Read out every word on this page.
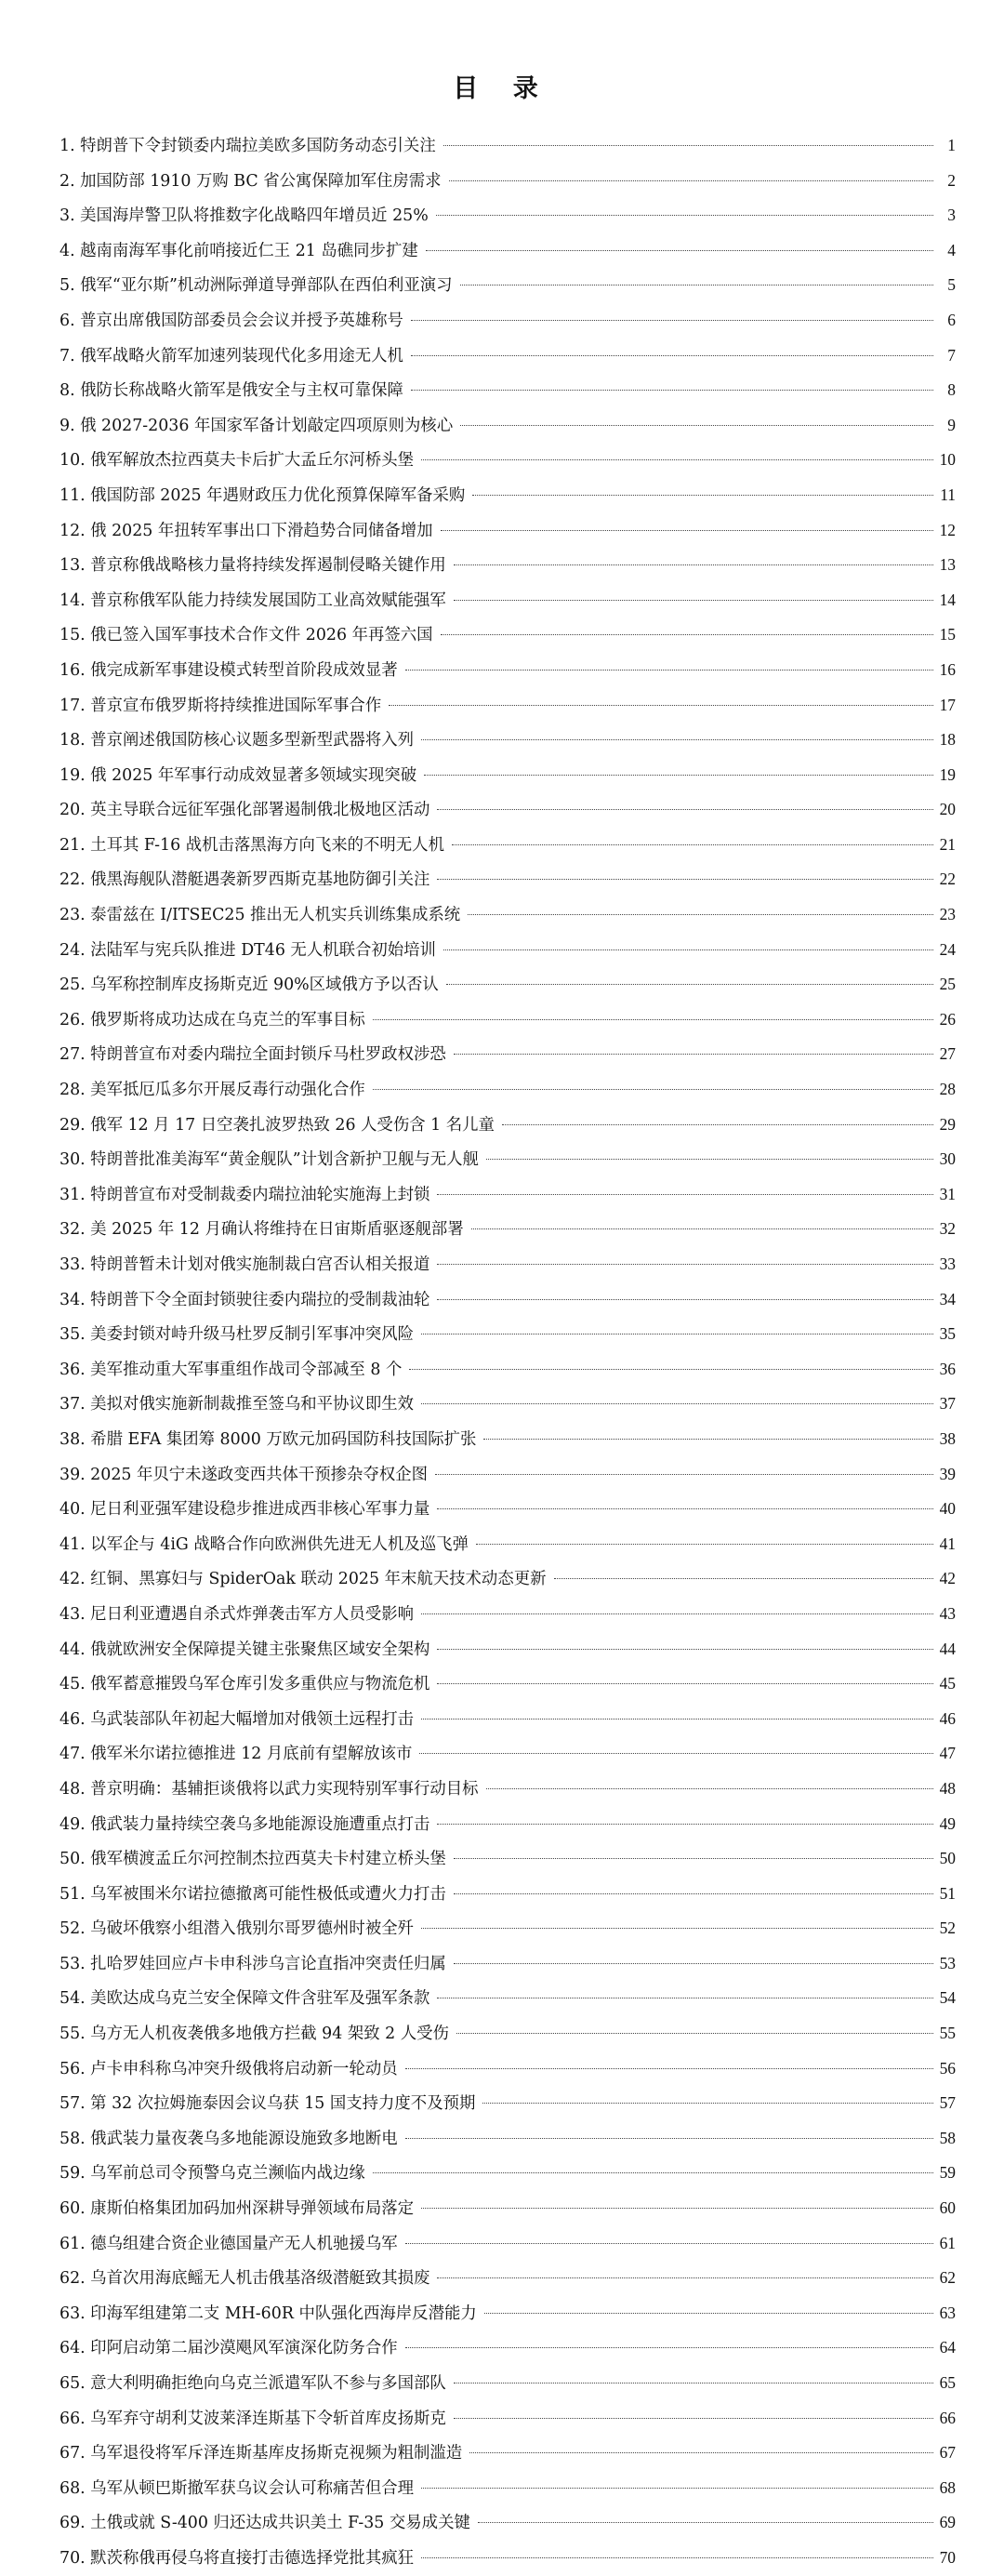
目 录
1. 特朗普下令封锁委内瑞拉美欧多国防务动态引关注	1
2. 加国防部 1910 万购 BC 省公寓保障加军住房需求	2
3. 美国海岸警卫队将推数字化战略四年增员近 25%	3
4. 越南南海军事化前哨接近仁王 21 岛礁同步扩建	4
5. 俄军“亚尔斯”机动洲际弹道导弹部队在西伯利亚演习	5
6. 普京出席俄国防部委员会会议并授予英雄称号	6
7. 俄军战略火箭军加速列装现代化多用途无人机	7
8. 俄防长称战略火箭军是俄安全与主权可靠保障	8
9. 俄 2027-2036 年国家军备计划敲定四项原则为核心	9
10. 俄军解放杰拉西莫夫卡后扩大孟丘尔河桥头堡	10
11. 俄国防部 2025 年遇财政压力优化预算保障军备采购	11
12. 俄 2025 年扭转军事出口下滑趋势合同储备增加	12
13. 普京称俄战略核力量将持续发挥遏制侵略关键作用	13
14. 普京称俄军队能力持续发展国防工业高效赋能强军	14
15. 俄已签入国军事技术合作文件 2026 年再签六国	15
16. 俄完成新军事建设模式转型首阶段成效显著	16
17. 普京宣布俄罗斯将持续推进国际军事合作	17
18. 普京阐述俄国防核心议题多型新型武器将入列	18
19. 俄 2025 年军事行动成效显著多领域实现突破	19
20. 英主导联合远征军强化部署遏制俄北极地区活动	20
21. 土耳其 F-16 战机击落黑海方向飞来的不明无人机	21
22. 俄黑海舰队潜艇遇袭新罗西斯克基地防御引关注	22
23. 泰雷兹在 I/ITSEC25 推出无人机实兵训练集成系统	23
24. 法陆军与宪兵队推进 DT46 无人机联合初始培训	24
25. 乌军称控制库皮扬斯克近 90%区域俄方予以否认	25
26. 俄罗斯将成功达成在乌克兰的军事目标	26
27. 特朗普宣布对委内瑞拉全面封锁斥马杜罗政权涉恐	27
28. 美军抵厄瓜多尔开展反毒行动强化合作	28
29. 俄军 12 月 17 日空袭扎波罗热致 26 人受伤含 1 名儿童	29
30. 特朗普批准美海军“黄金舰队”计划含新护卫舰与无人舰	30
31. 特朗普宣布对受制裁委内瑞拉油轮实施海上封锁	31
32. 美 2025 年 12 月确认将维持在日宙斯盾驱逐舰部署	32
33. 特朗普暂未计划对俄实施制裁白宫否认相关报道	33
34. 特朗普下令全面封锁驶往委内瑞拉的受制裁油轮	34
35. 美委封锁对峙升级马杜罗反制引军事冲突风险	35
36. 美军推动重大军事重组作战司令部减至 8 个	36
37. 美拟对俄实施新制裁推至签乌和平协议即生效	37
38. 希腊 EFA 集团筹 8000 万欧元加码国防科技国际扩张	38
39. 2025 年贝宁未遂政变西共体干预掺杂夺权企图	39
40. 尼日利亚强军建设稳步推进成西非核心军事力量	40
41. 以军企与 4iG 战略合作向欧洲供先进无人机及巡飞弹	41
42. 红铜、黑寡妇与 SpiderOak 联动 2025 年末航天技术动态更新	42
43. 尼日利亚遭遇自杀式炸弹袭击军方人员受影响	43
44. 俄就欧洲安全保障提关键主张聚焦区域安全架构	44
45. 俄军蓄意摧毁乌军仓库引发多重供应与物流危机	45
46. 乌武装部队年初起大幅增加对俄领土远程打击	46
47. 俄军米尔诺拉德推进 12 月底前有望解放该市	47
48. 普京明确：基辅拒谈俄将以武力实现特别军事行动目标	48
49. 俄武装力量持续空袭乌多地能源设施遭重点打击	49
50. 俄军横渡孟丘尔河控制杰拉西莫夫卡村建立桥头堡	50
51. 乌军被围米尔诺拉德撤离可能性极低或遭火力打击	51
52. 乌破坏俄察小组潜入俄别尔哥罗德州时被全歼	52
53. 扎哈罗娃回应卢卡申科涉乌言论直指冲突责任归属	53
54. 美欧达成乌克兰安全保障文件含驻军及强军条款	54
55. 乌方无人机夜袭俄多地俄方拦截 94 架致 2 人受伤	55
56. 卢卡申科称乌冲突升级俄将启动新一轮动员	56
57. 第 32 次拉姆施泰因会议乌获 15 国支持力度不及预期	57
58. 俄武装力量夜袭乌多地能源设施致多地断电	58
59. 乌军前总司令预警乌克兰濒临内战边缘	59
60. 康斯伯格集团加码加州深耕导弹领域布局落定	60
61. 德乌组建合资企业德国量产无人机驰援乌军	61
62. 乌首次用海底鳐无人机击俄基洛级潜艇致其损废	62
63. 印海军组建第二支 MH-60R 中队强化西海岸反潜能力	63
64. 印阿启动第二届沙漠飓风军演深化防务合作	64
65. 意大利明确拒绝向乌克兰派遣军队不参与多国部队	65
66. 乌军弃守胡利艾波莱泽连斯基下令斩首库皮扬斯克	66
67. 乌军退役将军斥泽连斯基库皮扬斯克视频为粗制滥造	67
68. 乌军从顿巴斯撤军获乌议会认可称痛苦但合理	68
69. 土俄或就 S-400 归还达成共识美土 F-35 交易成关键	69
70. 默茨称俄再侵乌将直接打击德选择党批其疯狂	70
